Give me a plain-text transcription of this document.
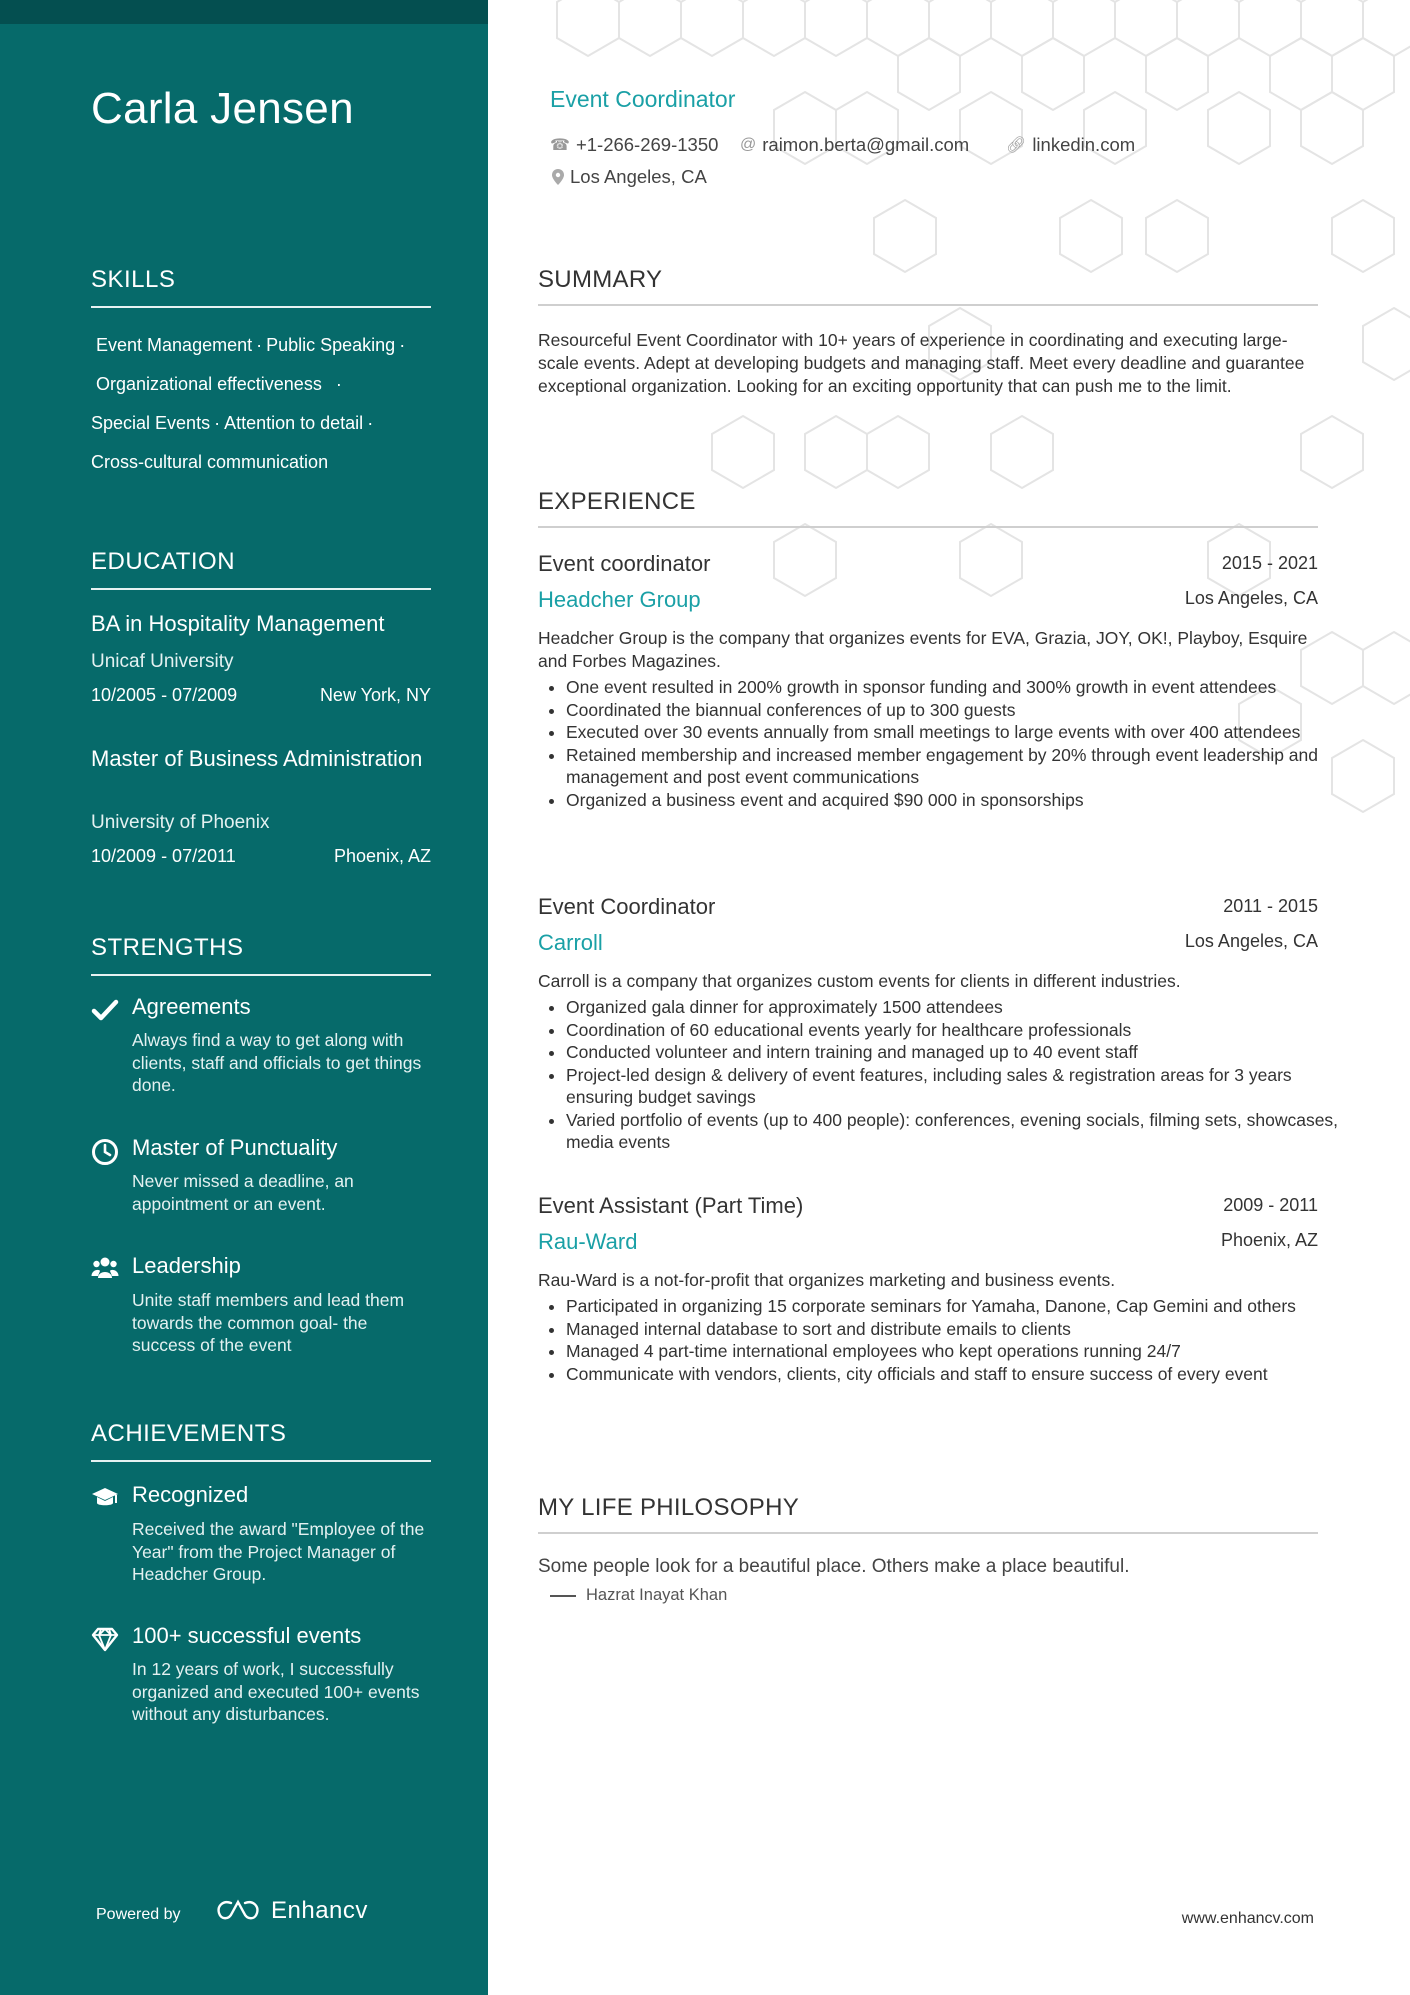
Carla Jensen
SKILLS
Event Management · Public Speaking ·
Organizational effectiveness ·
Special Events · Attention to detail ·
Cross-cultural communication
EDUCATION
BA in Hospitality Management
Unicaf University
10/2005 - 07/2009	New York, NY
Master of Business Administration
University of Phoenix
10/2009 - 07/2011	Phoenix, AZ
STRENGTHS
Agreements
Always find a way to get along with clients, staff and officials to get things done.
Master of Punctuality
Never missed a deadline, an appointment or an event.
Leadership
Unite staff members and lead them towards the common goal- the success of the event
ACHIEVEMENTS
Recognized
Received the award "Employee of the Year" from the Project Manager of Headcher Group.
100+ successful events
In 12 years of work, I successfully organized and executed 100+ events without any disturbances.
Powered by	Enhancv
Event Coordinator
☎ +1-266-269-1350 @ raimon.berta@gmail.com 🔗︎ linkedin.com
Los Angeles, CA
SUMMARY
Resourceful Event Coordinator with 10+ years of experience in coordinating and executing large-scale events. Adept at developing budgets and managing staff. Meet every deadline and guarantee exceptional organization. Looking for an exciting opportunity that can push me to the limit.
EXPERIENCE
Event coordinator	2015 - 2021
Headcher Group	Los Angeles, CA
Headcher Group is the company that organizes events for EVA, Grazia, JOY, OK!, Playboy, Esquire and Forbes Magazines.
• One event resulted in 200% growth in sponsor funding and 300% growth in event attendees
• Coordinated the biannual conferences of up to 300 guests
• Executed over 30 events annually from small meetings to large events with over 400 attendees
• Retained membership and increased member engagement by 20% through event leadership and management and post event communications
• Organized a business event and acquired $90 000 in sponsorships
Event Coordinator	2011 - 2015
Carroll	Los Angeles, CA
Carroll is a company that organizes custom events for clients in different industries.
• Organized gala dinner for approximately 1500 attendees
• Coordination of 60 educational events yearly for healthcare professionals
• Conducted volunteer and intern training and managed up to 40 event staff
• Project-led design & delivery of event features, including sales & registration areas for 3 years ensuring budget savings
• Varied portfolio of events (up to 400 people): conferences, evening socials, filming sets, showcases, media events
Event Assistant (Part Time)	2009 - 2011
Rau-Ward	Phoenix, AZ
Rau-Ward is a not-for-profit that organizes marketing and business events.
• Participated in organizing 15 corporate seminars for Yamaha, Danone, Cap Gemini and others
• Managed internal database to sort and distribute emails to clients
• Managed 4 part-time international employees who kept operations running 24/7
• Communicate with vendors, clients, city officials and staff to ensure success of every event
MY LIFE PHILOSOPHY
Some people look for a beautiful place. Others make a place beautiful.
Hazrat Inayat Khan
www.enhancv.com
